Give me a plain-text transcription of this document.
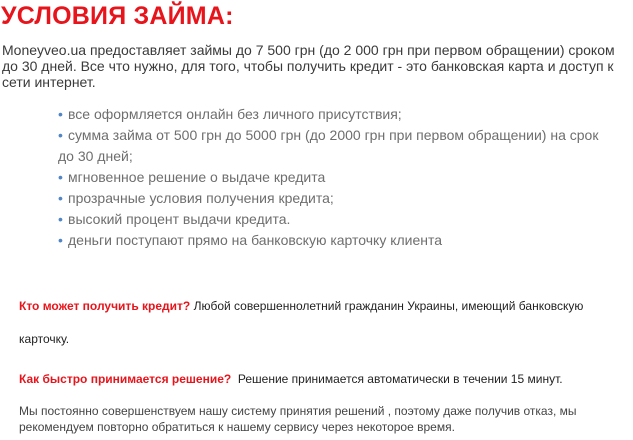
УСЛОВИЯ ЗАЙМА:

Moneyveo.ua предоставляет займы до 7 500 грн (до 2 000 грн при первом обращении) сроком до 30 дней. Все что нужно, для того, чтобы получить кредит - это банковская карта и доступ к сети интернет.

• все оформляется онлайн без личного присутствия;
• сумма займа от 500 грн до 5000 грн (до 2000 грн при первом обращении) на срок
до 30 дней;
• мгновенное решение о выдаче кредита
• прозрачные условия получения кредита;
• высокий процент выдачи кредита.
• деньги поступают прямо на банковскую карточку клиента

Кто может получить кредит? Любой совершеннолетний гражданин Украины, имеющий банковскую карточку.

Как быстро принимается решение?  Решение принимается автоматически в течении 15 минут.

Мы постоянно совершенствуем нашу систему принятия решений , поэтому даже получив отказ, мы рекомендуем повторно обратиться к нашему сервису через некоторое время.
